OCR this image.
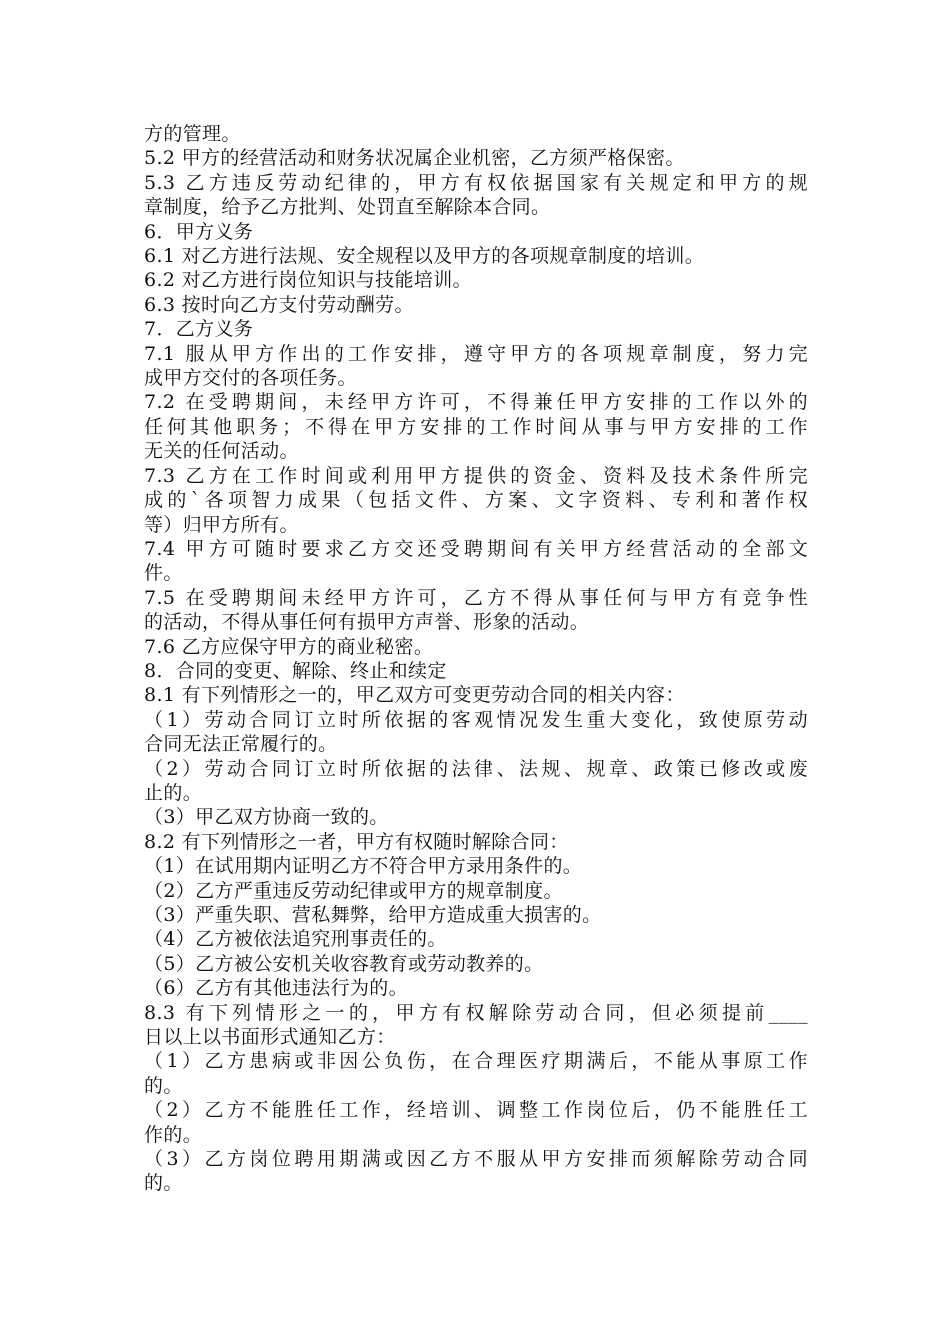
方的管理。
5.2 甲方的经营活动和财务状况属企业机密，乙方须严格保密。
5.3 乙方违反劳动纪律的，甲方有权依据国家有关规定和甲方的规
章制度，给予乙方批判、处罚直至解除本合同。
6．甲方义务
6.1 对乙方进行法规、安全规程以及甲方的各项规章制度的培训。
6.2 对乙方进行岗位知识与技能培训。
6.3 按时向乙方支付劳动酬劳。
7．乙方义务
7.1 服从甲方作出的工作安排，遵守甲方的各项规章制度，努力完
成甲方交付的各项任务。
7.2 在受聘期间，未经甲方许可，不得兼任甲方安排的工作以外的
任何其他职务；不得在甲方安排的工作时间从事与甲方安排的工作
无关的任何活动。
7.3 乙方在工作时间或利用甲方提供的资金、资料及技术条件所完
成的`各项智力成果（包括文件、方案、文字资料、专利和著作权
等）归甲方所有。
7.4 甲方可随时要求乙方交还受聘期间有关甲方经营活动的全部文
件。
7.5 在受聘期间未经甲方许可，乙方不得从事任何与甲方有竞争性
的活动，不得从事任何有损甲方声誉、形象的活动。
7.6 乙方应保守甲方的商业秘密。
8．合同的变更、解除、终止和续定
8.1 有下列情形之一的，甲乙双方可变更劳动合同的相关内容：
（1）劳动合同订立时所依据的客观情况发生重大变化，致使原劳动
合同无法正常履行的。
（2）劳动合同订立时所依据的法律、法规、规章、政策已修改或废
止的。
（3）甲乙双方协商一致的。
8.2 有下列情形之一者，甲方有权随时解除合同：
（1）在试用期内证明乙方不符合甲方录用条件的。
（2）乙方严重违反劳动纪律或甲方的规章制度。
（3）严重失职、营私舞弊，给甲方造成重大损害的。
（4）乙方被依法追究刑事责任的。
（5）乙方被公安机关收容教育或劳动教养的。
（6）乙方有其他违法行为的。
8.3 有下列情形之一的，甲方有权解除劳动合同，但必须提前____
日以上以书面形式通知乙方：
（1）乙方患病或非因公负伤，在合理医疗期满后，不能从事原工作
的。
（2）乙方不能胜任工作，经培训、调整工作岗位后，仍不能胜任工
作的。
（3）乙方岗位聘用期满或因乙方不服从甲方安排而须解除劳动合同
的。
